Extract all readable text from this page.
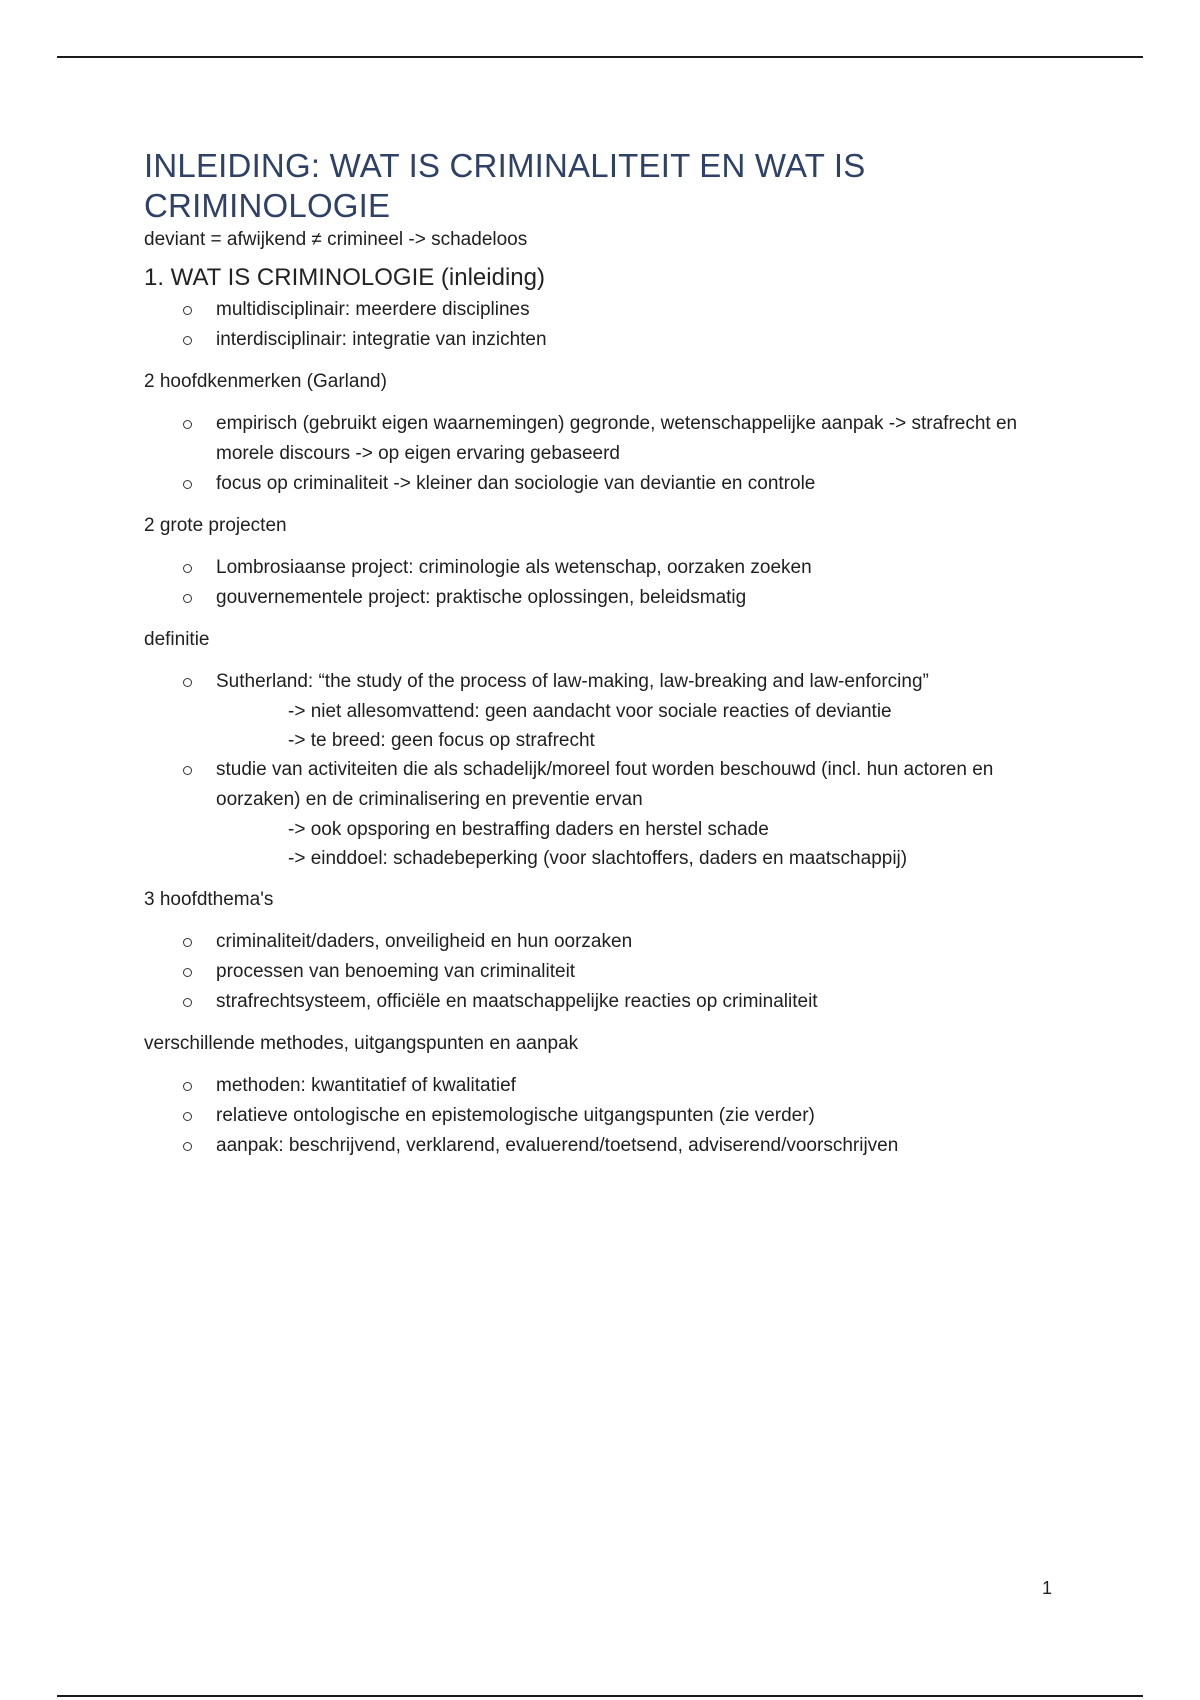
INLEIDING: WAT IS CRIMINALITEIT EN WAT IS CRIMINOLOGIE

deviant = afwijkend ≠ crimineel -> schadeloos

1. WAT IS CRIMINOLOGIE (inleiding)
multidisciplinair: meerdere disciplines
interdisciplinair: integratie van inzichten

2 hoofdkenmerken (Garland)

empirisch (gebruikt eigen waarnemingen) gegronde, wetenschappelijke aanpak -> strafrecht en morele discours -> op eigen ervaring gebaseerd
focus op criminaliteit -> kleiner dan sociologie van deviantie en controle

2 grote projecten

Lombrosiaanse project: criminologie als wetenschap, oorzaken zoeken
gouvernementele project: praktische oplossingen, beleidsmatig

definitie

Sutherland: “the study of the process of law-making, law-breaking and law-enforcing”
-> niet allesomvattend: geen aandacht voor sociale reacties of deviantie
-> te breed: geen focus op strafrecht
studie van activiteiten die als schadelijk/moreel fout worden beschouwd (incl. hun actoren en oorzaken) en de criminalisering en preventie ervan
-> ook opsporing en bestraffing daders en herstel schade
-> einddoel: schadebeperking (voor slachtoffers, daders en maatschappij)

3 hoofdthema's

criminaliteit/daders, onveiligheid en hun oorzaken
processen van benoeming van criminaliteit
strafrechtsysteem, officiële en maatschappelijke reacties op criminaliteit

verschillende methodes, uitgangspunten en aanpak

methoden: kwantitatief of kwalitatief
relatieve ontologische en epistemologische uitgangspunten (zie verder)
aanpak: beschrijvend, verklarend, evaluerend/toetsend, adviserend/voorschrijven
1
